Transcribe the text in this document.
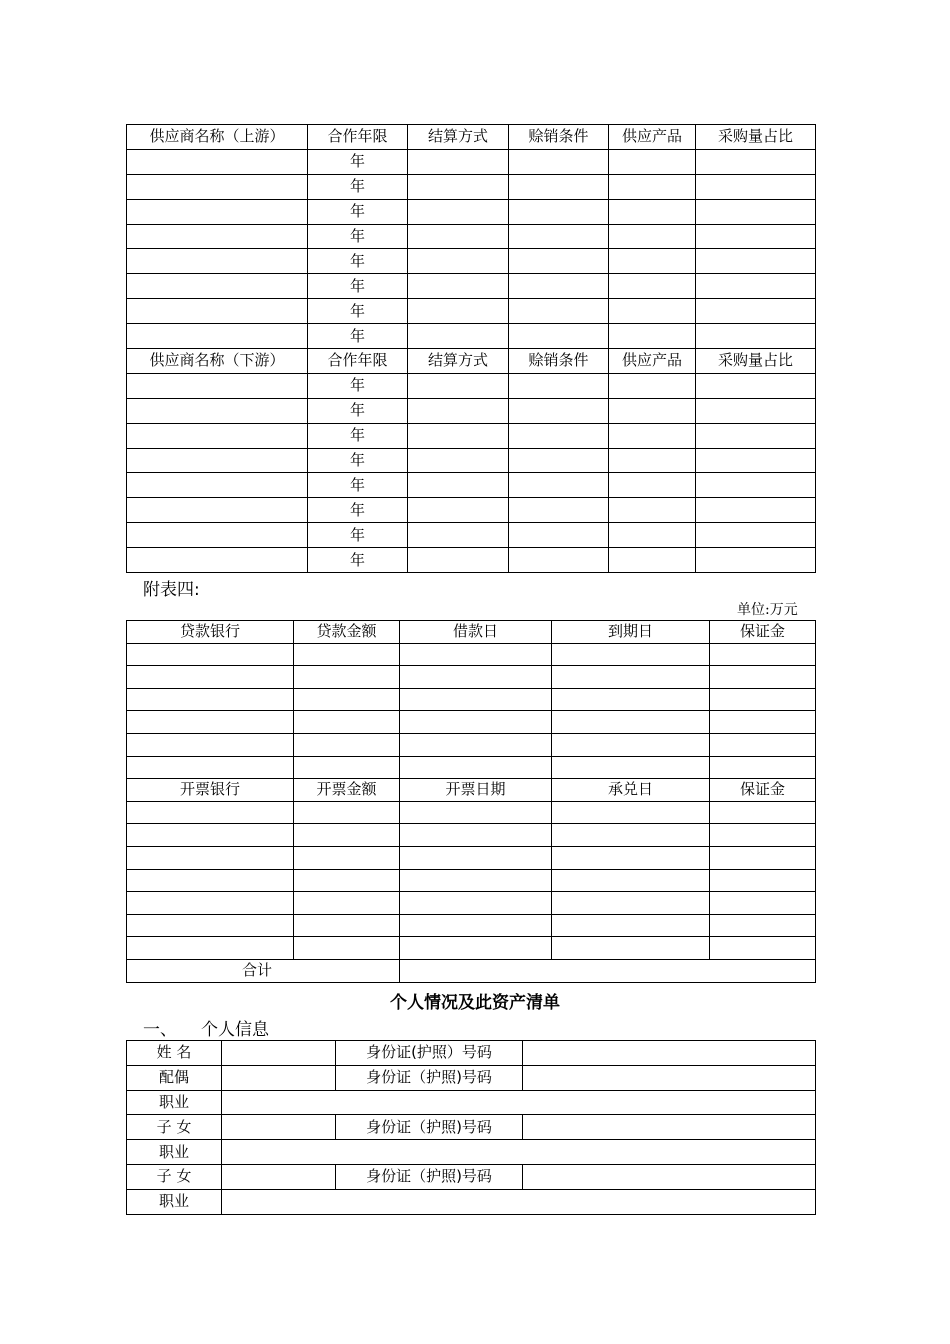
供应商名称（上游）	合作年限	结算方式	赊销条件	供应产品	采购量占比
	年				
	年				
	年				
	年				
	年				
	年				
	年				
	年				
供应商名称（下游）	合作年限	结算方式	赊销条件	供应产品	采购量占比
	年				
	年				
	年				
	年				
	年				
	年				
	年				
	年				
附表四:
单位:万元
贷款银行	贷款金额	借款日	到期日	保证金

开票银行	开票金额	开票日期	承兑日	保证金

合计				
个人情况及此资产清单
一、 个人信息
姓 名		身份证(护照）号码	
配偶		身份证（护照)号码	
职业			
子 女		身份证（护照)号码	
职业			
子 女		身份证（护照)号码	
职业			
